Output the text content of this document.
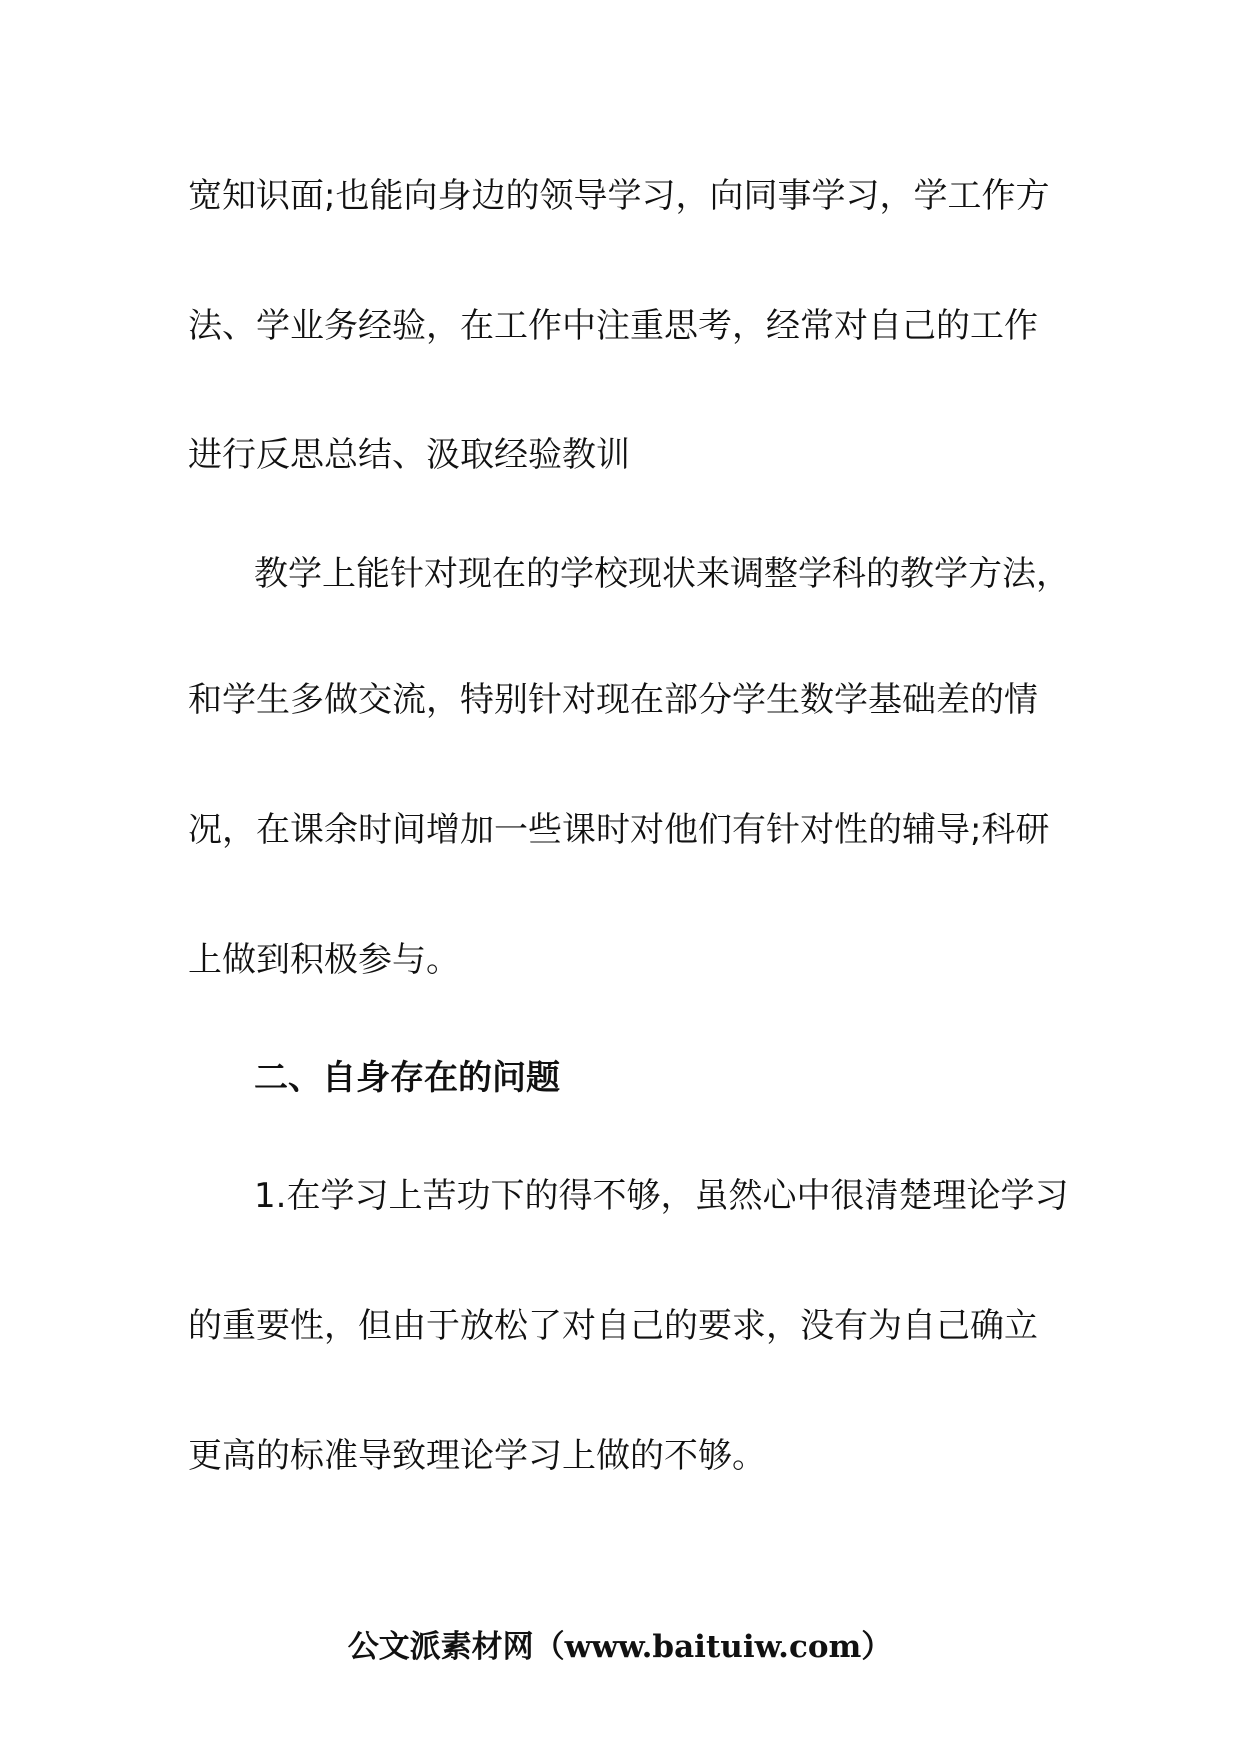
宽知识面;也能向身边的领导学习，向同事学习，学工作方
法、学业务经验，在工作中注重思考，经常对自己的工作
进行反思总结、汲取经验教训
教学上能针对现在的学校现状来调整学科的教学方法，
和学生多做交流，特别针对现在部分学生数学基础差的情
况，在课余时间增加一些课时对他们有针对性的辅导;科研
上做到积极参与。
二、自身存在的问题
1.在学习上苦功下的得不够，虽然心中很清楚理论学习
的重要性，但由于放松了对自己的要求，没有为自己确立
更高的标准导致理论学习上做的不够。
公文派素材网（www.baituiw.com）
